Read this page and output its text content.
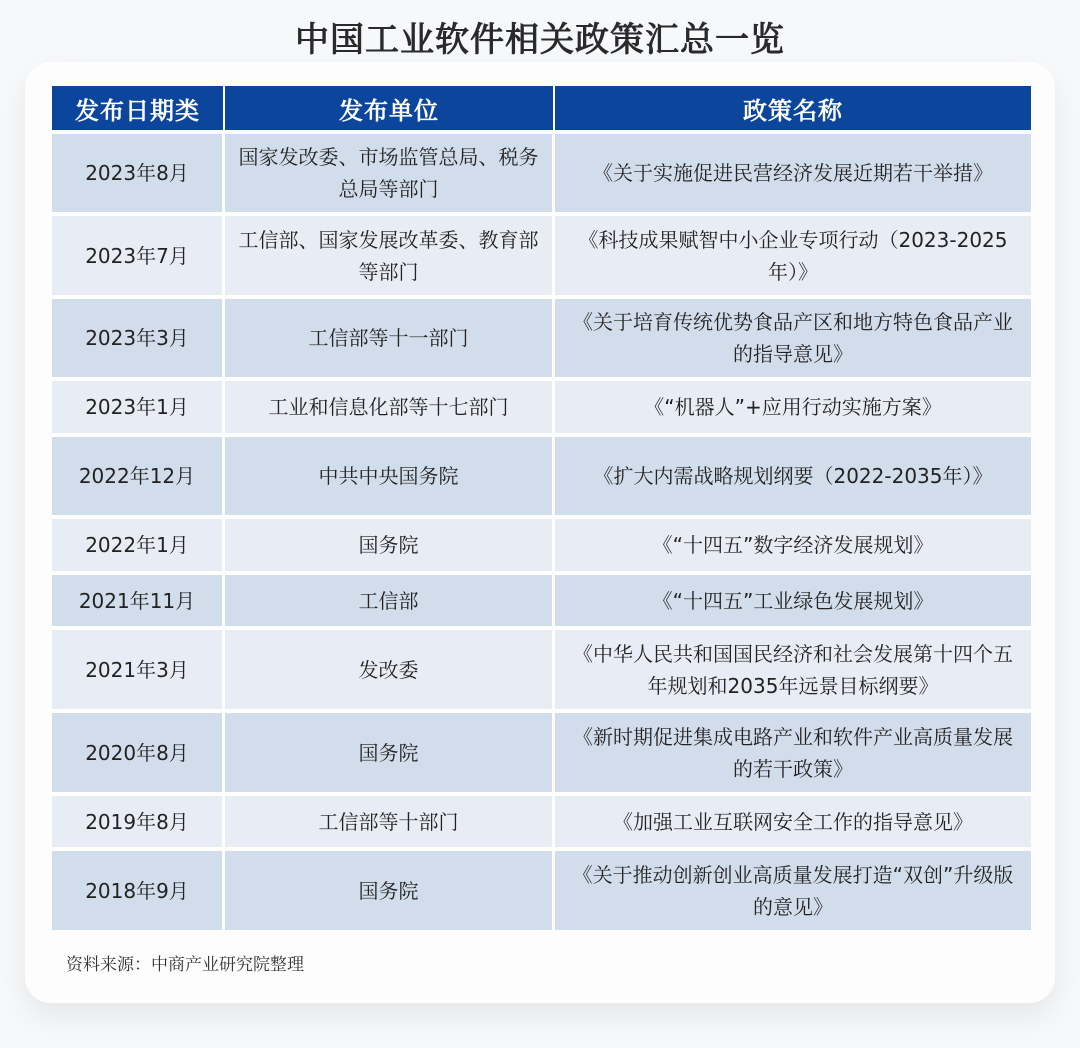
中国工业软件相关政策汇总一览
发布日期类	发布单位	政策名称
2023年8月	国家发改委、市场监管总局、税务总局等部门	《关于实施促进民营经济发展近期若干举措》
2023年7月	工信部、国家发展改革委、教育部等部门	《科技成果赋智中小企业专项行动（2023-2025年）》
2023年3月	工信部等十一部门	《关于培育传统优势食品产区和地方特色食品产业的指导意见》
2023年1月	工业和信息化部等十七部门	《“机器人”+应用行动实施方案》
2022年12月	中共中央国务院	《扩大内需战略规划纲要（2022-2035年）》
2022年1月	国务院	《“十四五”数字经济发展规划》
2021年11月	工信部	《“十四五”工业绿色发展规划》
2021年3月	发改委	《中华人民共和国国民经济和社会发展第十四个五年规划和2035年远景目标纲要》
2020年8月	国务院	《新时期促进集成电路产业和软件产业高质量发展的若干政策》
2019年8月	工信部等十部门	《加强工业互联网安全工作的指导意见》
2018年9月	国务院	《关于推动创新创业高质量发展打造“双创”升级版的意见》
资料来源：中商产业研究院整理
